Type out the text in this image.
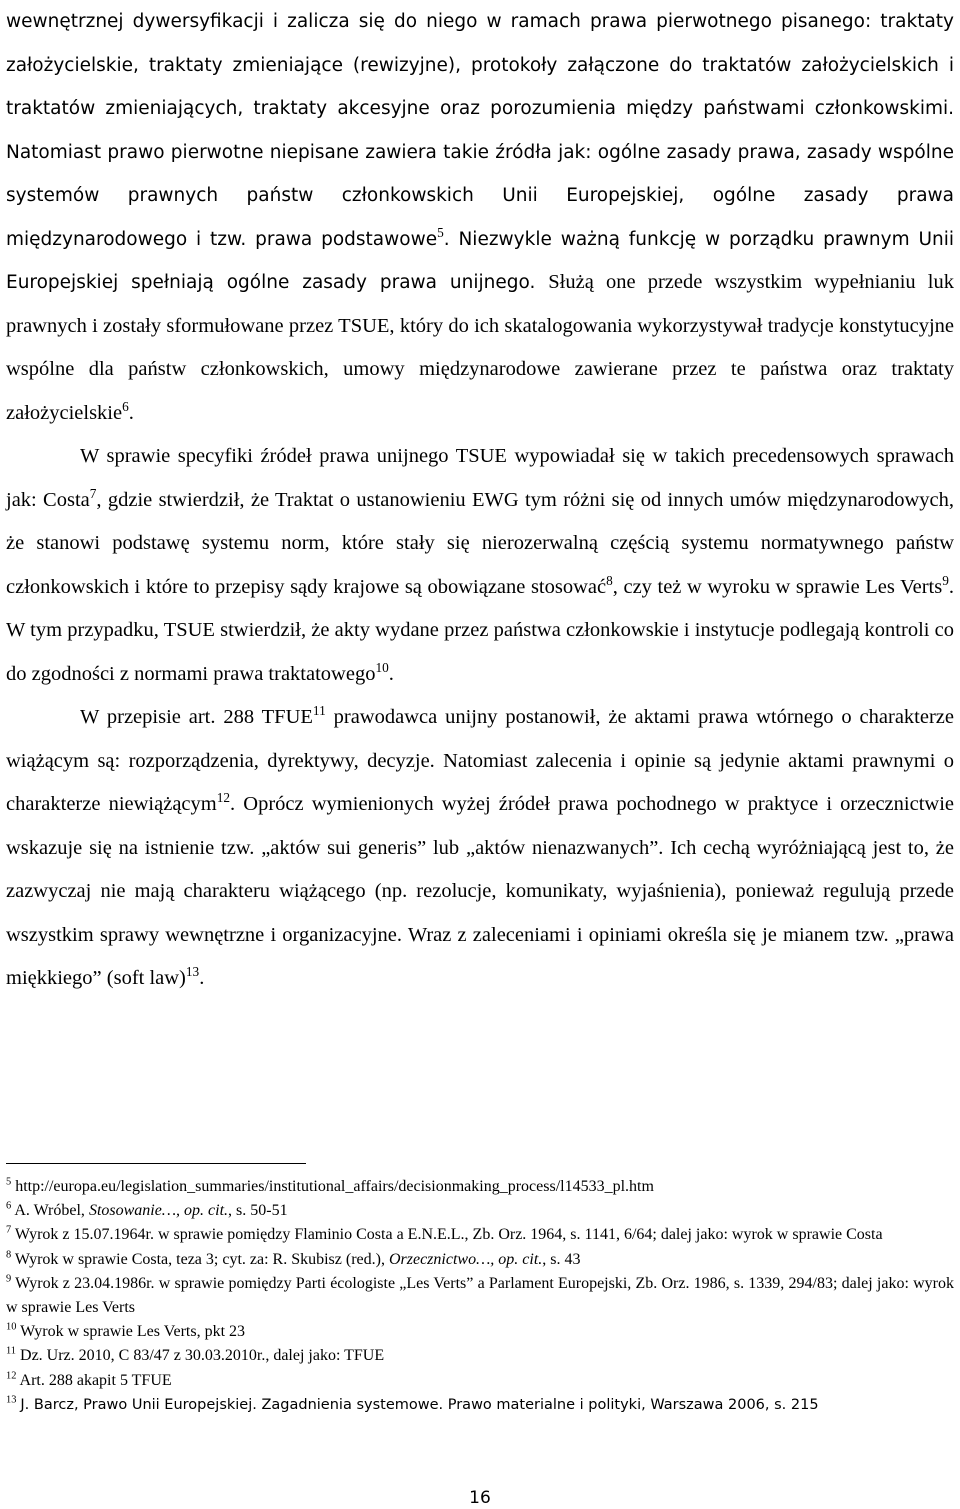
wewnętrznej dywersyfikacji i zalicza się do niego w ramach prawa pierwotnego pisanego: traktaty założycielskie, traktaty zmieniające (rewizyjne), protokoły załączone do traktatów założycielskich i traktatów zmieniających, traktaty akcesyjne oraz porozumienia między państwami członkowskimi. Natomiast prawo pierwotne niepisane zawiera takie źródła jak: ogólne zasady prawa, zasady wspólne systemów prawnych państw członkowskich Unii Europejskiej, ogólne zasady prawa międzynarodowego i tzw. prawa podstawowe$^5$. Niezwykle ważną funkcję w porządku prawnym Unii Europejskiej spełniają ogólne zasady prawa unijnego. Służą one przede wszystkim wypełnianiu luk prawnych i zostały sformułowane przez TSUE, który do ich skatalogowania wykorzystywał tradycje konstytucyjne wspólne dla państw członkowskich, umowy międzynarodowe zawierane przez te państwa oraz traktaty założycielskie$^6$.

W sprawie specyfiki źródeł prawa unijnego TSUE wypowiadał się w takich precedensowych sprawach jak: Costa$^7$, gdzie stwierdził, że Traktat o ustanowieniu EWG tym różni się od innych umów międzynarodowych, że stanowi podstawę systemu norm, które stały się nierozerwalną częścią systemu normatywnego państw członkowskich i które to przepisy sądy krajowe są obowiązane stosować$^8$, czy też w wyroku w sprawie Les Verts$^9$. W tym przypadku, TSUE stwierdził, że akty wydane przez państwa członkowskie i instytucje podlegają kontroli co do zgodności z normami prawa traktatowego$^{10}$.

W przepisie art. 288 TFUE$^{11}$ prawodawca unijny postanowił, że aktami prawa wtórnego o charakterze wiążącym są: rozporządzenia, dyrektywy, decyzje. Natomiast zalecenia i opinie są jedynie aktami prawnymi o charakterze niewiążącym$^{12}$. Oprócz wymienionych wyżej źródeł prawa pochodnego w praktyce i orzecznictwie wskazuje się na istnienie tzw. „aktów sui generis” lub „aktów nienazwanych”. Ich cechą wyróżniającą jest to, że zazwyczaj nie mają charakteru wiążącego (np. rezolucje, komunikaty, wyjaśnienia), ponieważ regulują przede wszystkim sprawy wewnętrzne i organizacyjne. Wraz z zaleceniami i opiniami określa się je mianem tzw. „prawa miękkiego” (soft law)$^{13}$.

$^5$ http://europa.eu/legislation_summaries/institutional_affairs/decisionmaking_process/l14533_pl.htm
$^6$ A. Wróbel, Stosowanie…, op. cit., s. 50-51
$^7$ Wyrok z 15.07.1964r. w sprawie pomiędzy Flaminio Costa a E.N.E.L., Zb. Orz. 1964, s. 1141, 6/64; dalej jako: wyrok w sprawie Costa
$^8$ Wyrok w sprawie Costa, teza 3; cyt. za: R. Skubisz (red.), Orzecznictwo…, op. cit., s. 43
$^9$ Wyrok z 23.04.1986r. w sprawie pomiędzy Parti écologiste „Les Verts” a Parlament Europejski, Zb. Orz. 1986, s. 1339, 294/83; dalej jako: wyrok w sprawie Les Verts
$^{10}$ Wyrok w sprawie Les Verts, pkt 23
$^{11}$ Dz. Urz. 2010, C 83/47 z 30.03.2010r., dalej jako: TFUE
$^{12}$ Art. 288 akapit 5 TFUE
$^{13}$ J. Barcz, Prawo Unii Europejskiej. Zagadnienia systemowe. Prawo materialne i polityki, Warszawa 2006, s. 215
16
